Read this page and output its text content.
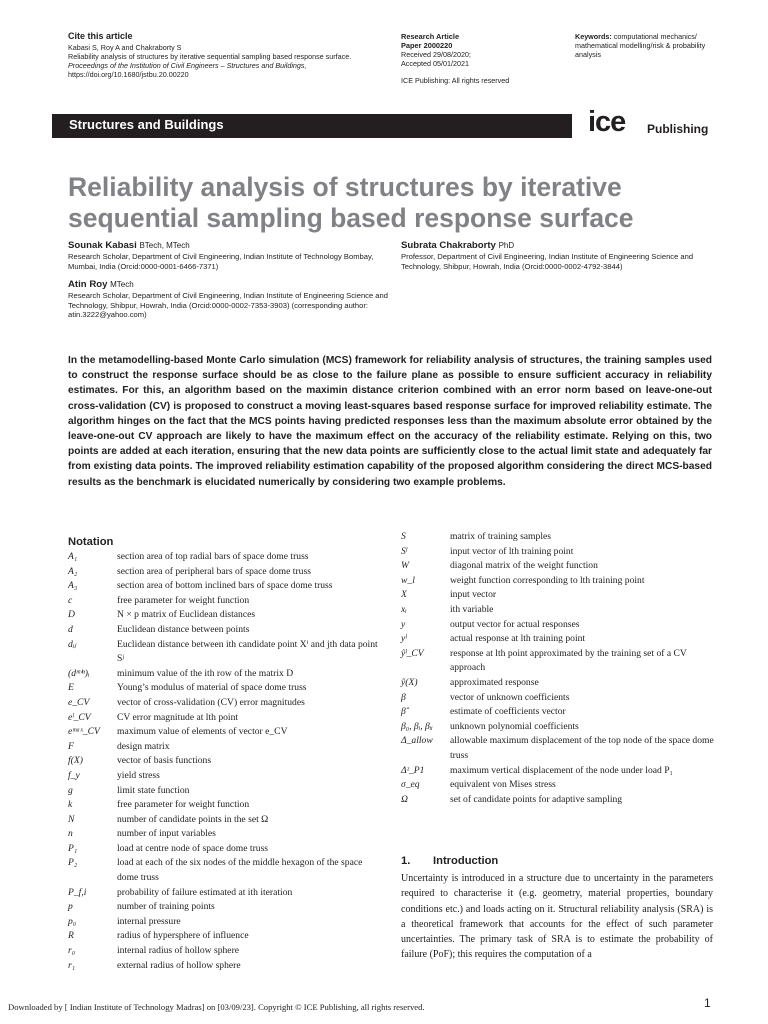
Cite this article
Kabasi S, Roy A and Chakraborty S
Reliability analysis of structures by iterative sequential sampling based response surface.
Proceedings of the Institution of Civil Engineers – Structures and Buildings,
https://doi.org/10.1680/jstbu.20.00220
Research Article
Paper 2000220
Received 29/08/2020;
Accepted 05/01/2021
ICE Publishing: All rights reserved
Keywords: computational mechanics/ mathematical modelling/risk & probability analysis
Structures and Buildings	ice Publishing
Reliability analysis of structures by iterative sequential sampling based response surface
Sounak Kabasi BTech, MTech
Research Scholar, Department of Civil Engineering, Indian Institute of Technology Bombay, Mumbai, India (Orcid:0000-0001-6466-7371)
Atin Roy MTech
Research Scholar, Department of Civil Engineering, Indian Institute of Engineering Science and Technology, Shibpur, Howrah, India (Orcid:0000-0002-7353-3903) (corresponding author: atin.3222@yahoo.com)
Subrata Chakraborty PhD
Professor, Department of Civil Engineering, Indian Institute of Engineering Science and Technology, Shibpur, Howrah, India (Orcid:0000-0002-4792-3844)
In the metamodelling-based Monte Carlo simulation (MCS) framework for reliability analysis of structures, the training samples used to construct the response surface should be as close to the failure plane as possible to ensure sufficient accuracy in reliability estimates. For this, an algorithm based on the maximin distance criterion combined with an error norm based on leave-one-out cross-validation (CV) is proposed to construct a moving least-squares based response surface for improved reliability estimate. The algorithm hinges on the fact that the MCS points having predicted responses less than the maximum absolute error obtained by the leave-one-out CV approach are likely to have the maximum effect on the accuracy of the reliability estimate. Relying on this, two points are added at each iteration, ensuring that the new data points are sufficiently close to the actual limit state and adequately far from existing data points. The improved reliability estimation capability of the proposed algorithm considering the direct MCS-based results as the benchmark is elucidated numerically by considering two example problems.
Notation
A₁	section area of top radial bars of space dome truss
A₂	section area of peripheral bars of space dome truss
A₃	section area of bottom inclined bars of space dome truss
c	free parameter for weight function
D	N × p matrix of Euclidean distances
d	Euclidean distance between points
dᵢⱼ	Euclidean distance between ith candidate point Xⁱ and jth data point Sʲ
(dᵐⁱⁿ)ᵢ	minimum value of the ith row of the matrix D
E	Young’s modulus of material of space dome truss
e_CV	vector of cross-validation (CV) error magnitudes
eˡ_CV	CV error magnitude at lth point
eᵐᵃˣ_CV	maximum value of elements of vector e_CV
F	design matrix
f(X)	vector of basis functions
f_y	yield stress
g	limit state function
k	free parameter for weight function
N	number of candidate points in the set Ω
n	number of input variables
P₁	load at centre node of space dome truss
P₂	load at each of the six nodes of the middle hexagon of the space dome truss
P_f,i	probability of failure estimated at ith iteration
p	number of training points
p₀	internal pressure
R	radius of hypersphere of influence
r₀	internal radius of hollow sphere
r₁	external radius of hollow sphere
S	matrix of training samples
Sˡ	input vector of lth training point
W	diagonal matrix of the weight function
w_l	weight function corresponding to lth training point
X	input vector
xᵢ	ith variable
y	output vector for actual responses
yˡ	actual response at lth training point
ŷˡ_CV	response at lth point approximated by the training set of a CV approach
ŷ(X)	approximated response
β	vector of unknown coefficients
β̂	estimate of coefficients vector
β₀, βᵢ, βᵢᵢ	unknown polynomial coefficients
Δ_allow	allowable maximum displacement of the top node of the space dome truss
Δᶻ_P1	maximum vertical displacement of the node under load P₁
σ_eq	equivalent von Mises stress
Ω	set of candidate points for adaptive sampling
1. Introduction
Uncertainty is introduced in a structure due to uncertainty in the parameters required to characterise it (e.g. geometry, material properties, boundary conditions etc.) and loads acting on it. Structural reliability analysis (SRA) is a theoretical framework that accounts for the effect of such parameter uncertainties. The primary task of SRA is to estimate the probability of failure (PoF); this requires the computation of a
Downloaded by [ Indian Institute of Technology Madras] on [03/09/23]. Copyright © ICE Publishing, all rights reserved.	1
